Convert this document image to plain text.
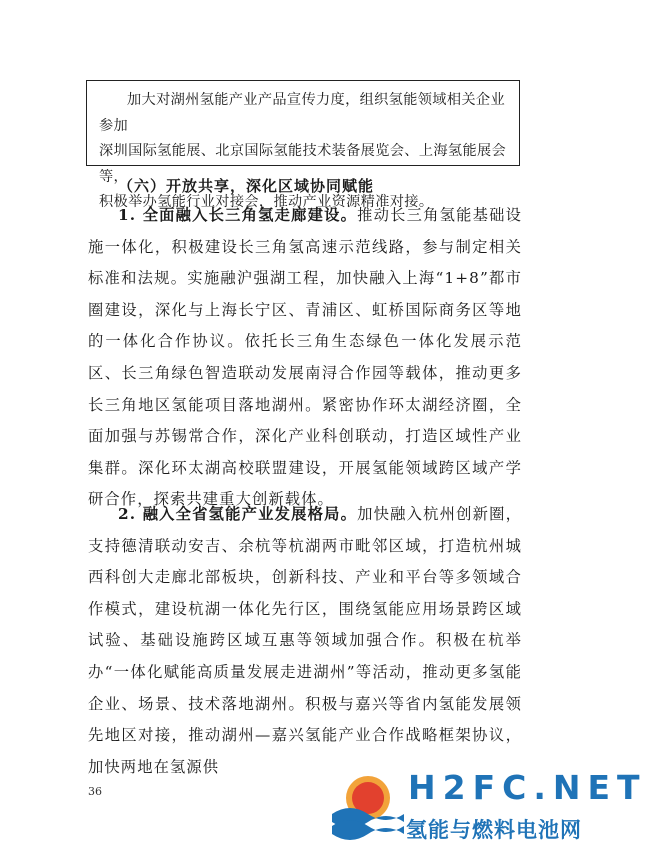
加大对湖州氢能产业产品宣传力度，组织氢能领域相关企业参加

深圳国际氢能展、北京国际氢能技术装备展览会、上海氢能展会等，

积极举办氢能行业对接会，推动产业资源精准对接。

（六）开放共享，深化区域协同赋能
1. 全面融入长三角氢走廊建设。推动长三角氢能基础设施一体化，积极建设长三角氢高速示范线路，参与制定相关标准和法规。实施融沪强湖工程，加快融入上海“1+8”都市圈建设，深化与上海长宁区、青浦区、虹桥国际商务区等地的一体化合作协议。依托长三角生态绿色一体化发展示范区、长三角绿色智造联动发展南浔合作园等载体，推动更多长三角地区氢能项目落地湖州。紧密协作环太湖经济圈，全面加强与苏锡常合作，深化产业科创联动，打造区域性产业集群。深化环太湖高校联盟建设，开展氢能领域跨区域产学研合作，探索共建重大创新载体。
2. 融入全省氢能产业发展格局。加快融入杭州创新圈，支持德清联动安吉、余杭等杭湖两市毗邻区域，打造杭州城西科创大走廊北部板块，创新科技、产业和平台等多领域合作模式，建设杭湖一体化先行区，围绕氢能应用场景跨区域试验、基础设施跨区域互惠等领域加强合作。积极在杭举办“一体化赋能高质量发展走进湖州”等活动，推动更多氢能企业、场景、技术落地湖州。积极与嘉兴等省内氢能发展领先地区对接，推动湖州—嘉兴氢能产业合作战略框架协议，加快两地在氢源供
36	H2FC.NET
氢能与燃料电池网
